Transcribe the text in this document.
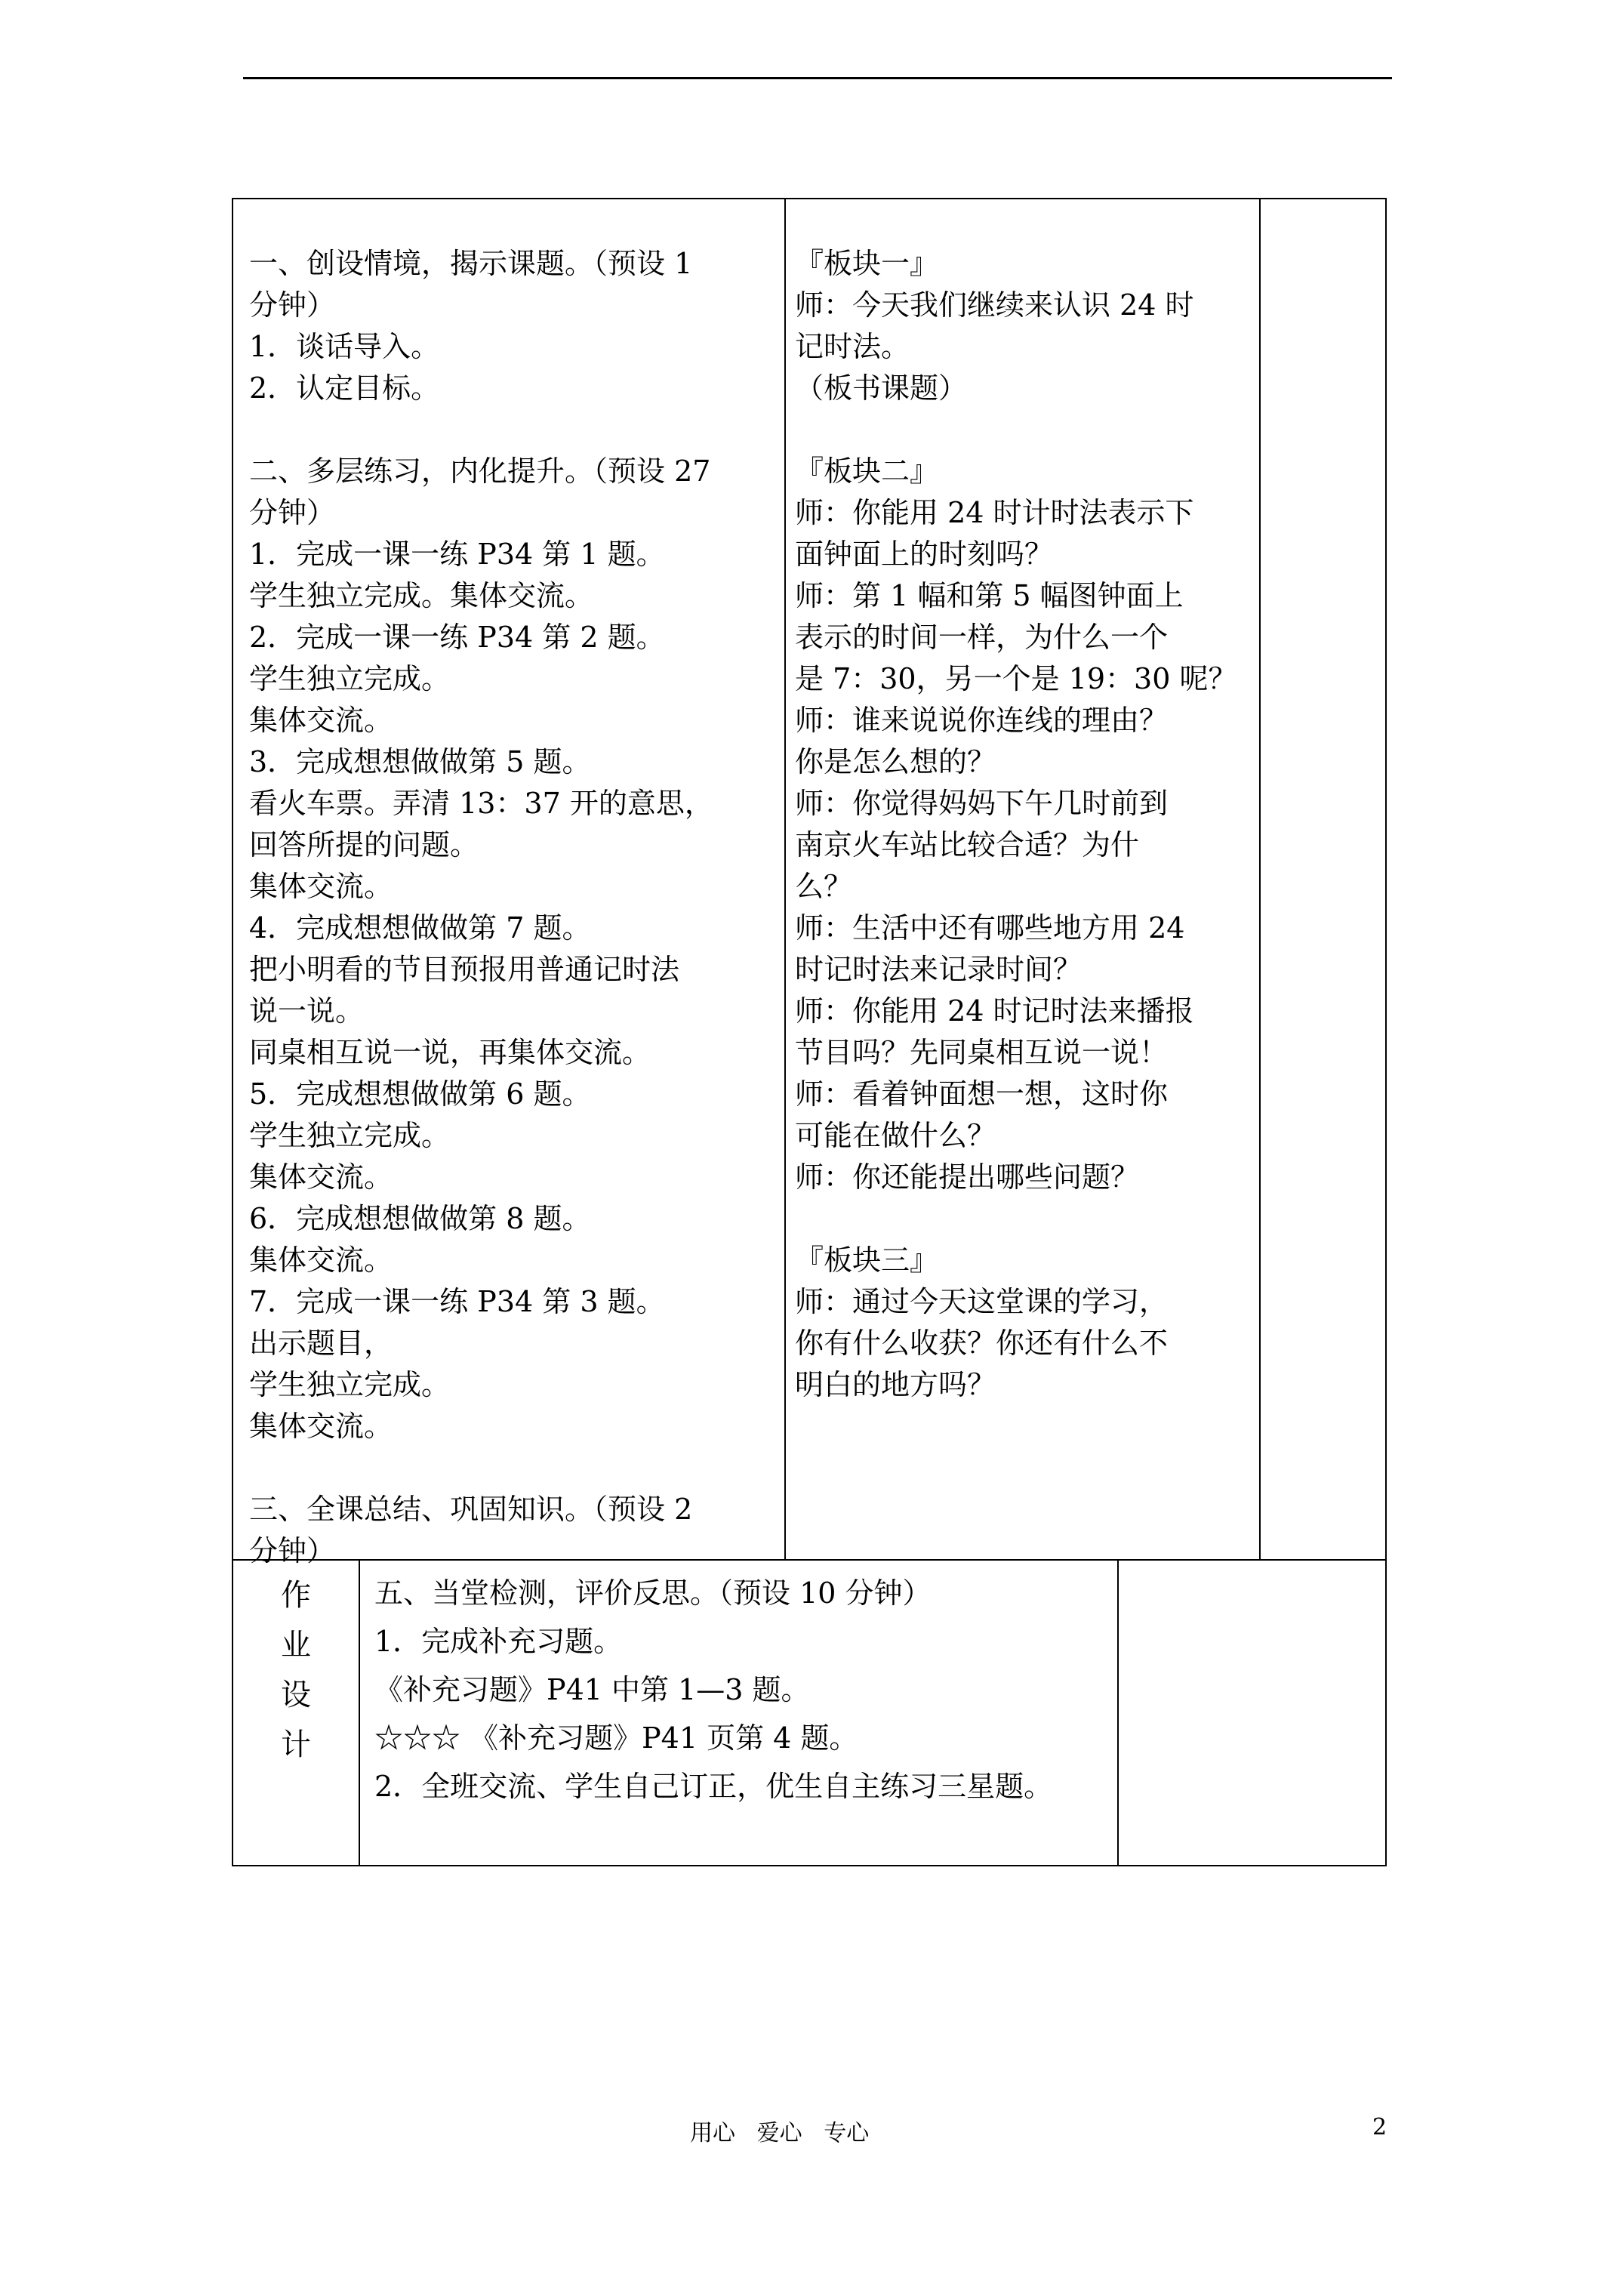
一、创设情境，揭示课题。（预设 1
分钟）
1．谈话导入。
2．认定目标。
二、多层练习，内化提升。（预设 27
分钟）
1．完成一课一练 P34 第 1 题。
学生独立完成。集体交流。
2．完成一课一练 P34 第 2 题。
学生独立完成。
集体交流。
3．完成想想做做第 5 题。
看火车票。弄清 13：37 开的意思，
回答所提的问题。
集体交流。
4．完成想想做做第 7 题。
把小明看的节目预报用普通记时法
说一说。
同桌相互说一说，再集体交流。
5．完成想想做做第 6 题。
学生独立完成。
集体交流。
6．完成想想做做第 8 题。
集体交流。
7．完成一课一练 P34 第 3 题。
出示题目，
学生独立完成。
集体交流。
三、全课总结、巩固知识。（预设 2
分钟）
『板块一』
师：今天我们继续来认识 24 时
记时法。
（板书课题）
『板块二』
师：你能用 24 时计时法表示下
面钟面上的时刻吗？
师：第 1 幅和第 5 幅图钟面上
表示的时间一样，为什么一个
是 7：30，另一个是 19：30 呢？
师：谁来说说你连线的理由？
你是怎么想的？
师：你觉得妈妈下午几时前到
南京火车站比较合适？为什
么？
师：生活中还有哪些地方用 24
时记时法来记录时间？
师：你能用 24 时记时法来播报
节目吗？先同桌相互说一说！
师：看着钟面想一想，这时你
可能在做什么？
师：你还能提出哪些问题？
『板块三』
师：通过今天这堂课的学习，
你有什么收获？你还有什么不
明白的地方吗？
作
业
设
计
五、当堂检测，评价反思。（预设 10 分钟）
1．完成补充习题。
《补充习题》P41 中第 1—3 题。
☆☆☆ 《补充习题》P41 页第 4 题。
2．全班交流、学生自己订正，优生自主练习三星题。
用心   爱心   专心	2
